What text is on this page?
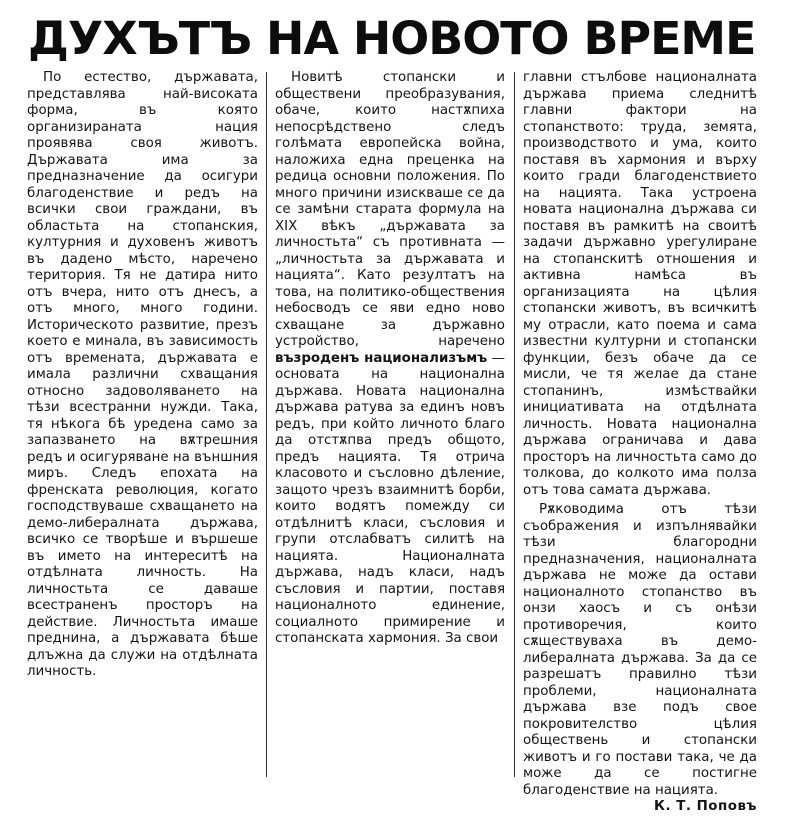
ДУХЪТЪ НА НОВОТО ВРЕМЕ

По естество, държавата, представлява най-високата форма, въ която организираната нация проявява своя животъ. Държавата има за предназначение да осигури благоденствие и редъ на всички свои граждани, въ областьта на стопанския, културния и духовенъ животъ въ дадено мѣсто, наречено територия. Тя не датира нито отъ вчера, нито отъ днесъ, а отъ много, много години. Историческото развитие, презъ което е минала, въ зависимость отъ времената, държавата е имала различни схващания относно задоволяването на тѣзи всестранни нужди. Така, тя нѣкога бѣ уредена само за запазването на вѫтрешния редъ и осигуряване на външния миръ. Следъ епохата на френската революция, когато господствуваше схващането на демо-либералната държава, всичко се творѣше и вършеше въ името на интереситѣ на отдѣлната личность. На личностьта се даваше всестраненъ просторъ на действие. Личностьта имаше преднина, а държавата бѣше длъжна да служи на отдѣлната личность.

Новитѣ стопански и обществени преобразувания, обаче, които настѫпиха непосрѣдствено следъ голѣмата европейска война, наложиха една преценка на редица основни положения. По много причини изискваше се да се замѣни старата формула на XIX вѣкъ „държавата за личностьта“ съ противната — „личностьта за държавата и нацията“. Като резултатъ на това, на политико-обществения небосводъ се яви едно ново схващане за държавно устройство, наречено възроденъ национализъмъ — основата на национална държава. Новата национална държава ратува за единъ новъ редъ, при който личното благо да отстѫпва предъ общото, предъ нацията. Тя отрича класовото и съсловно дѣление, защото чрезъ взаимнитѣ борби, които водятъ помежду си отдѣлнитѣ класи, съсловия и групи отслабватъ силитѣ на нацията. Националната държава, надъ класи, надъ съсловия и партии, поставя националното единение, социалното примирение и стопанската хармония. За свои

главни стълбове националната държава приема следнитѣ главни фактори на стопанството: труда, земята, производството и ума, които поставя въ хармония и върху които гради благоденствието на нацията. Така устроена новата национална държава си поставя въ рамкитѣ на своитѣ задачи държавно урегулиране на стопанскитѣ отношения и активна намѣса въ организацията на цѣлия стопански животъ, въ всичкитѣ му отрасли, като поема и сама известни културни и стопански функции, безъ обаче да се мисли, че тя желае да стане стопанинъ, измѣствайки инициативата на отдѣлната личность. Новата национална държава ограничава и дава просторъ на личностьта само до толкова, до колкото има полза отъ това самата държава.

Рѫководима отъ тѣзи съображения и изпълнявайки тѣзи благородни предназначения, националната държава не може да остави националното стопанство въ онзи хаосъ и съ онѣзи противоречия, които сѫществуваха въ демо-либералната държава. За да се разрешатъ правилно тѣзи проблеми, националната държава взе подъ свое покровителство цѣлия обществень и стопански животъ и го постави така, че да може да се постигне благоденствие на нацията.

К. Т. Поповъ
